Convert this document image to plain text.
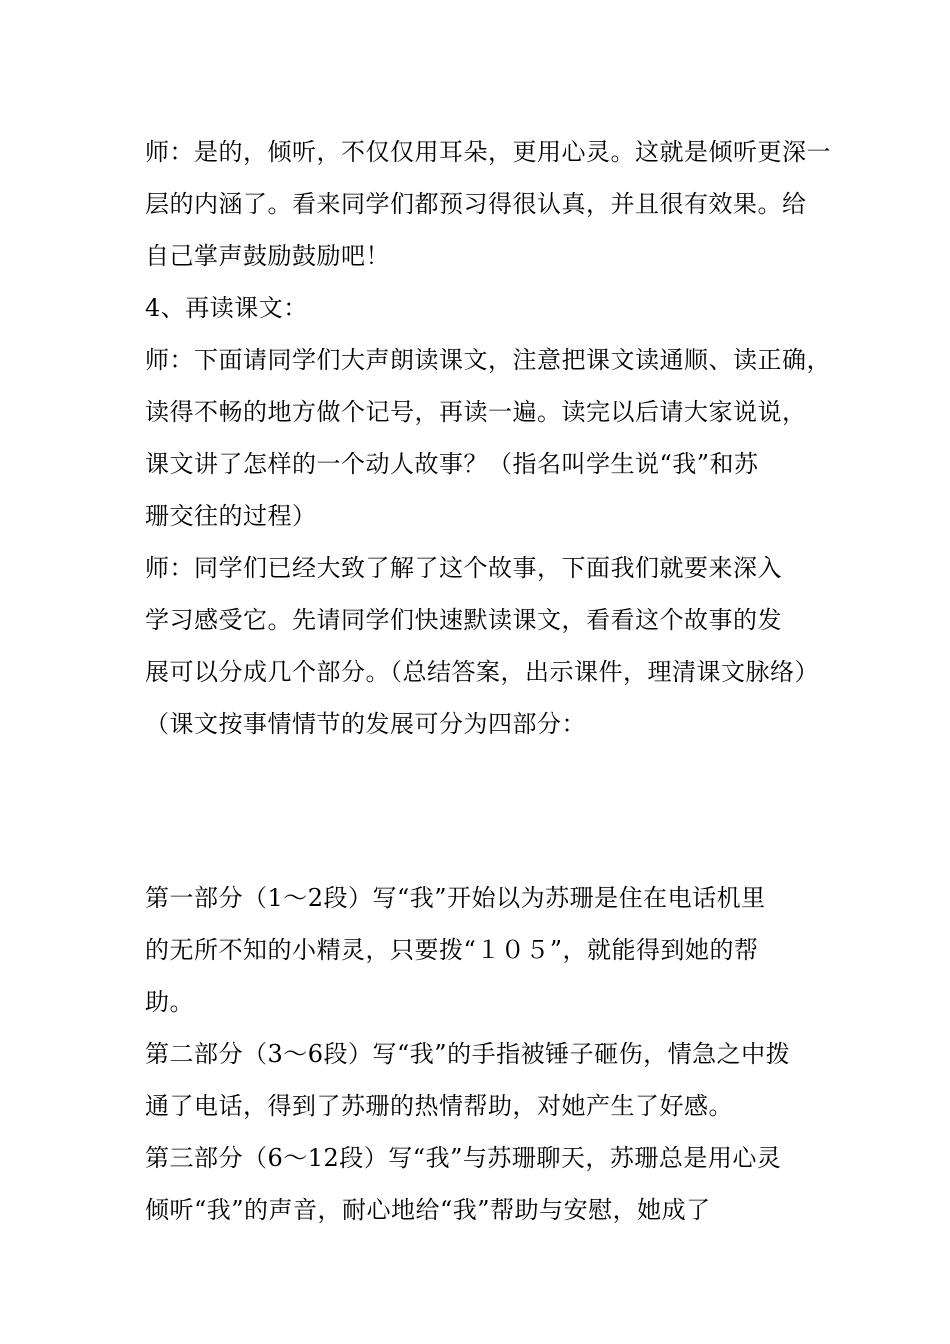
师：是的，倾听，不仅仅用耳朵，更用心灵。这就是倾听更深一
层的内涵了。看来同学们都预习得很认真，并且很有效果。给
自己掌声鼓励鼓励吧！
4、再读课文：
师：下面请同学们大声朗读课文，注意把课文读通顺、读正确，
读得不畅的地方做个记号，再读一遍。读完以后请大家说说，
课文讲了怎样的一个动人故事？（指名叫学生说“我”和苏
珊交往的过程）
师：同学们已经大致了解了这个故事，下面我们就要来深入
学习感受它。先请同学们快速默读课文，看看这个故事的发
展可以分成几个部分。（总结答案，出示课件，理清课文脉络）
（课文按事情情节的发展可分为四部分：
第一部分（1～2段）写“我”开始以为苏珊是住在电话机里
的无所不知的小精灵，只要拨“１０５”，就能得到她的帮
助。
第二部分（3～6段）写“我”的手指被锤子砸伤，情急之中拨
通了电话，得到了苏珊的热情帮助，对她产生了好感。
第三部分（6～12段）写“我”与苏珊聊天，苏珊总是用心灵
倾听“我”的声音，耐心地给“我”帮助与安慰，她成了
